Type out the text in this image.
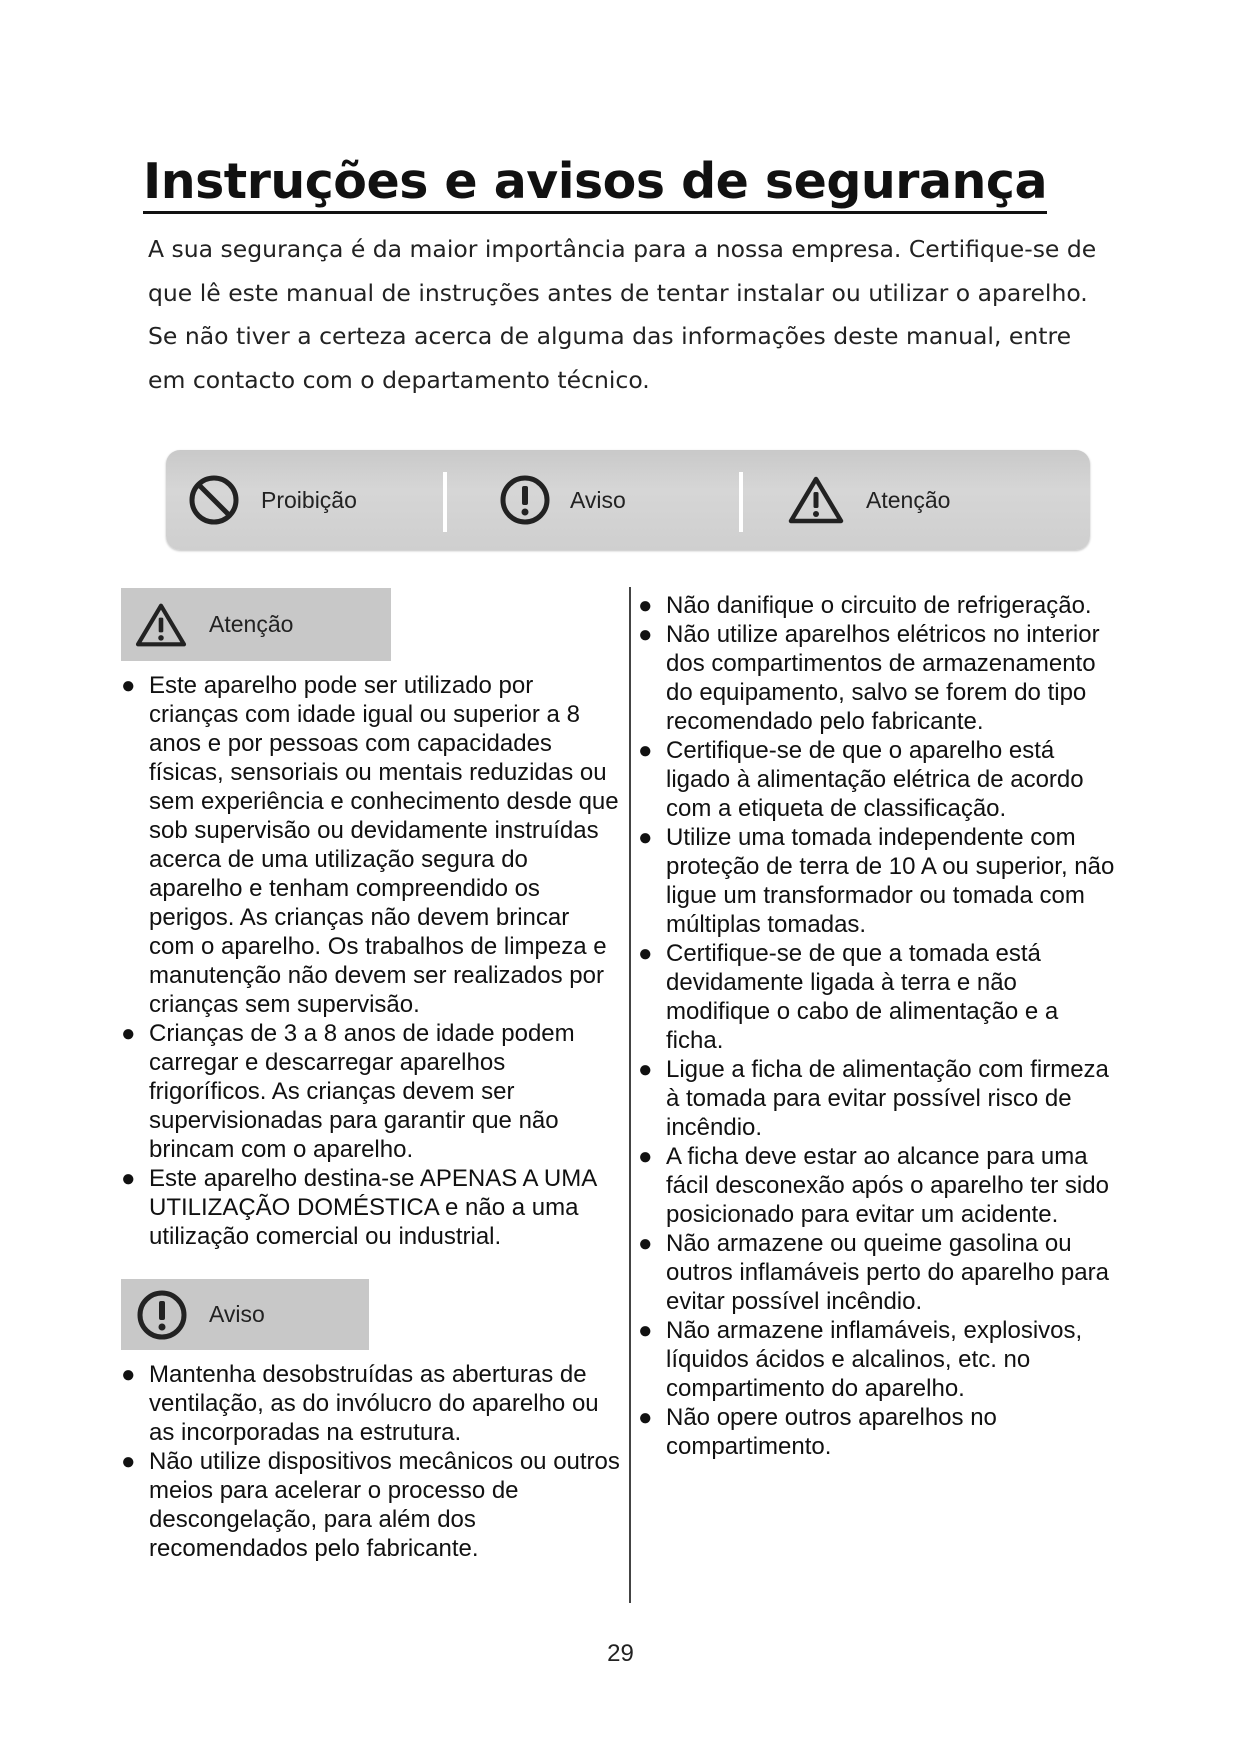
Instruções e avisos de segurança

A sua segurança é da maior importância para a nossa empresa. Certifique-se de

que lê este manual de instruções antes de tentar instalar ou utilizar o aparelho.

Se não tiver a certeza acerca de alguma das informações deste manual, entre

em contacto com o departamento técnico.

Proibição	Aviso	Atenção
Atenção
● Este aparelho pode ser utilizado por crianças com idade igual ou superior a 8 anos e por pessoas com capacidades físicas, sensoriais ou mentais reduzidas ou sem experiência e conhecimento desde que sob supervisão ou devidamente instruídas acerca de uma utilização segura do aparelho e tenham compreendido os perigos. As crianças não devem brincar com o aparelho. Os trabalhos de limpeza e manutenção não devem ser realizados por crianças sem supervisão.
● Crianças de 3 a 8 anos de idade podem carregar e descarregar aparelhos frigoríficos. As crianças devem ser supervisionadas para garantir que não brincam com o aparelho.
● Este aparelho destina-se APENAS A UMA UTILIZAÇÃO DOMÉSTICA e não a uma utilização comercial ou industrial.
Aviso
● Mantenha desobstruídas as aberturas de ventilação, as do invólucro do aparelho ou as incorporadas na estrutura.
● Não utilize dispositivos mecânicos ou outros meios para acelerar o processo de descongelação, para além dos recomendados pelo fabricante.
● Não danifique o circuito de refrigeração.
● Não utilize aparelhos elétricos no interior dos compartimentos de armazenamento do equipamento, salvo se forem do tipo recomendado pelo fabricante.
● Certifique-se de que o aparelho está ligado à alimentação elétrica de acordo com a etiqueta de classificação.
● Utilize uma tomada independente com proteção de terra de 10 A ou superior, não ligue um transformador ou tomada com múltiplas tomadas.
● Certifique-se de que a tomada está devidamente ligada à terra e não modifique o cabo de alimentação e a ficha.
● Ligue a ficha de alimentação com firmeza à tomada para evitar possível risco de incêndio.
● A ficha deve estar ao alcance para uma fácil desconexão após o aparelho ter sido posicionado para evitar um acidente.
● Não armazene ou queime gasolina ou outros inflamáveis perto do aparelho para evitar possível incêndio.
● Não armazene inflamáveis, explosivos, líquidos ácidos e alcalinos, etc. no compartimento do aparelho.
● Não opere outros aparelhos no compartimento.
29
